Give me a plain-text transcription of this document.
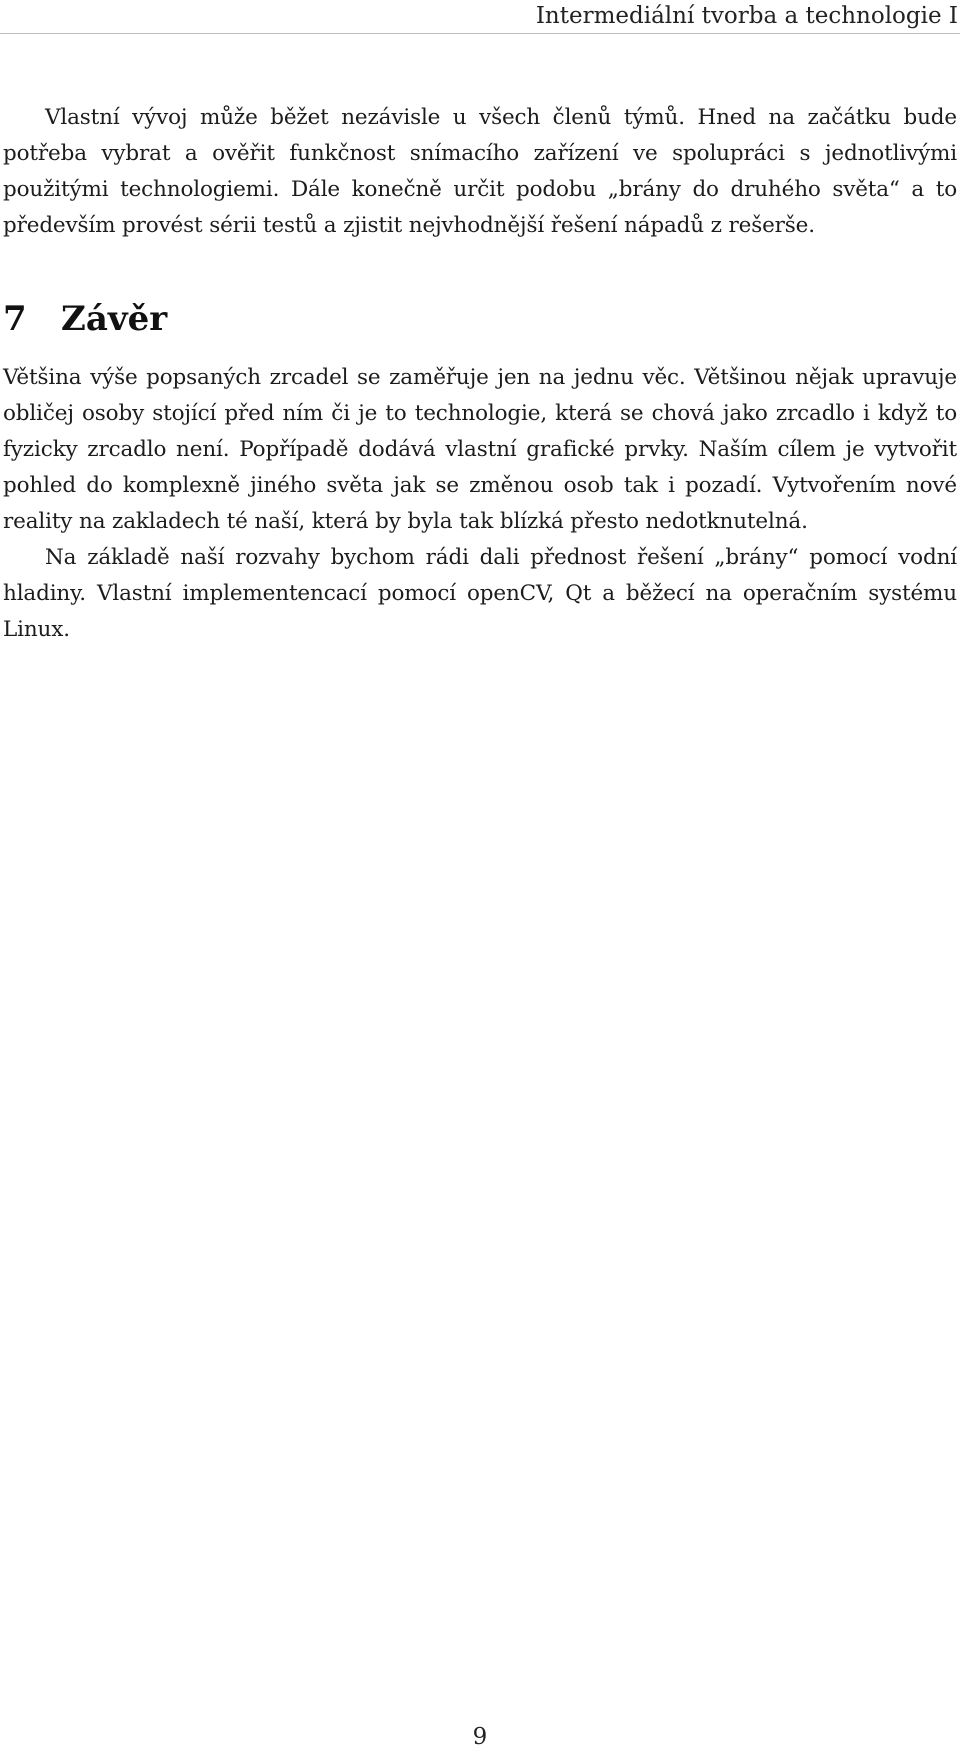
Intermediální tvorba a technologie I

Vlastní vývoj může běžet nezávisle u všech členů týmů. Hned na začátku bude potřeba vybrat a ověřit funkčnost snímacího zařízení ve spolupráci s jednotlivými použitými technologiemi. Dále konečně určit podobu „brány do druhého světa“ a to především provést sérii testů a zjistit nejvhodnější řešení nápadů z rešerše.

7 Závěr

Většina výše popsaných zrcadel se zaměřuje jen na jednu věc. Většinou nějak upravuje obličej osoby stojící před ním či je to technologie, která se chová jako zrcadlo i když to fyzicky zrcadlo není. Popřípadě dodává vlastní grafické prvky. Naším cílem je vytvořit pohled do komplexně jiného světa jak se změnou osob tak i pozadí. Vytvořením nové reality na zakladech té naší, která by byla tak blízká přesto nedotknutelná.

Na základě naší rozvahy bychom rádi dali přednost řešení „brány“ pomocí vodní hladiny. Vlastní implementencací pomocí openCV, Qt a běžecí na operačním systému Linux.

9
